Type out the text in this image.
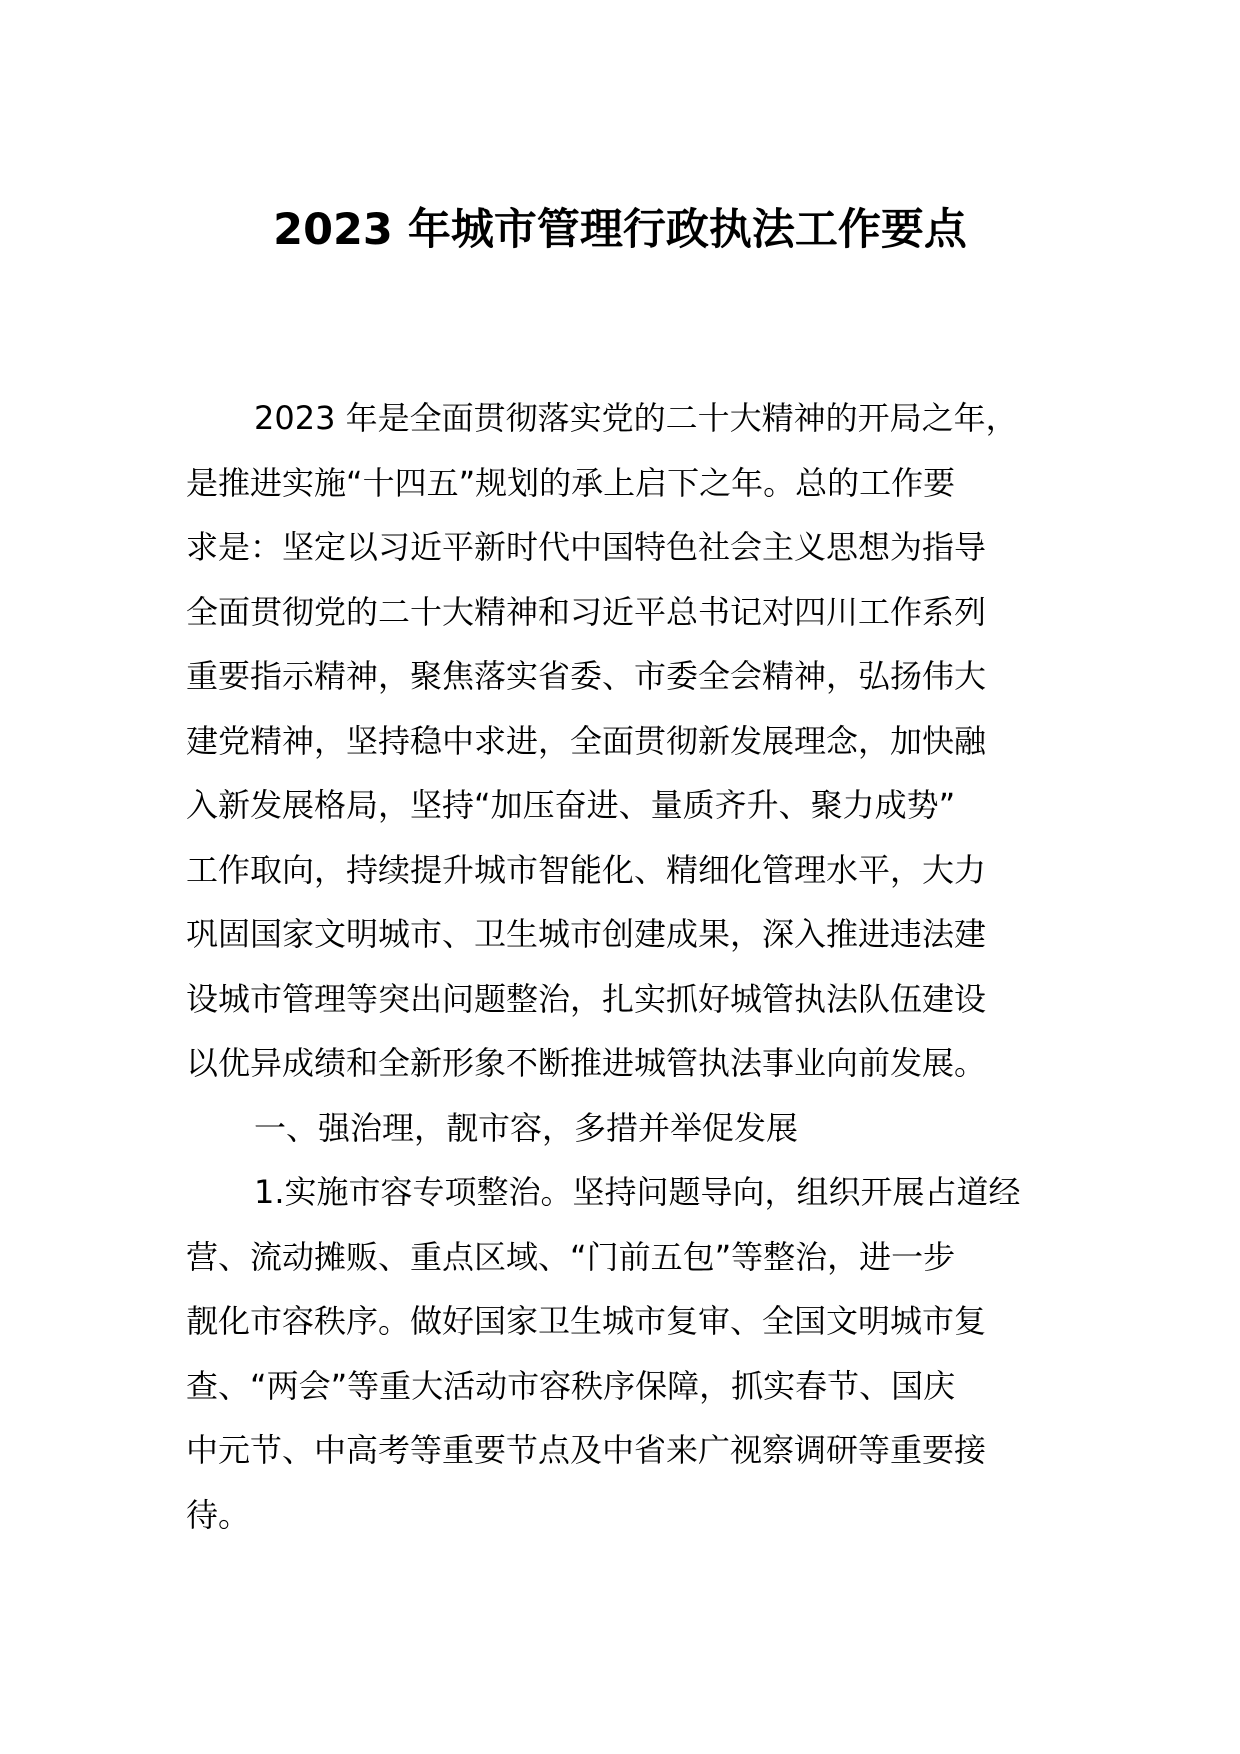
2023 年城市管理行政执法工作要点
2023 年是全面贯彻落实党的二十大精神的开局之年，
是推进实施“十四五”规划的承上启下之年。总的工作要
求是：坚定以习近平新时代中国特色社会主义思想为指导
全面贯彻党的二十大精神和习近平总书记对四川工作系列
重要指示精神，聚焦落实省委、市委全会精神，弘扬伟大
建党精神，坚持稳中求进，全面贯彻新发展理念，加快融
入新发展格局，坚持“加压奋进、量质齐升、聚力成势”
工作取向，持续提升城市智能化、精细化管理水平，大力
巩固国家文明城市、卫生城市创建成果，深入推进违法建
设城市管理等突出问题整治，扎实抓好城管执法队伍建设
以优异成绩和全新形象不断推进城管执法事业向前发展。
一、强治理，靓市容，多措并举促发展
1.实施市容专项整治。坚持问题导向，组织开展占道经
营、流动摊贩、重点区域、“门前五包”等整治，进一步
靓化市容秩序。做好国家卫生城市复审、全国文明城市复
查、“两会”等重大活动市容秩序保障，抓实春节、国庆
中元节、中高考等重要节点及中省来广视察调研等重要接
待。
